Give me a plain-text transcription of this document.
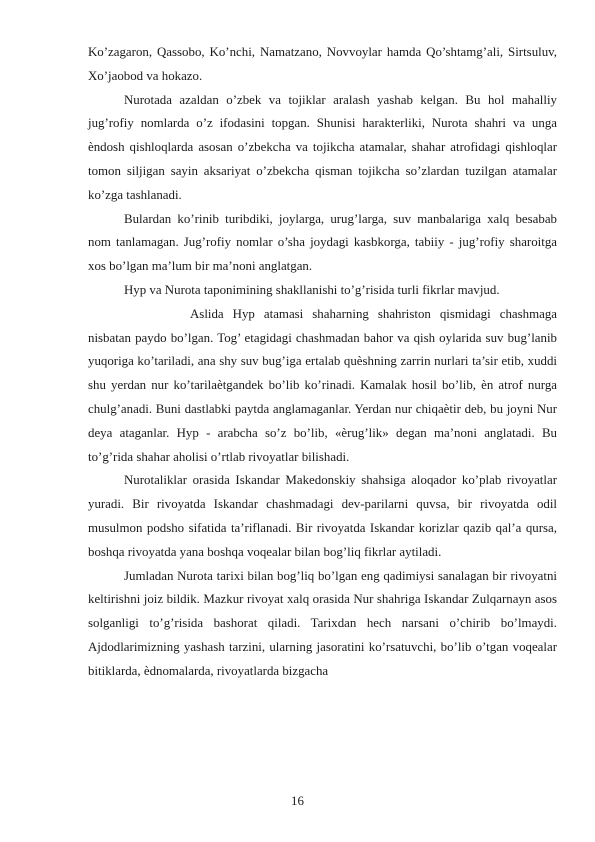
Ko’zagaron, Qassobo, Ko’nchi, Namatzano, Novvoylar hamda Qo’shtamg’ali, Sirtsuluv, Xo’jaobod va hokazo.

Nurotada azaldan o’zbek va tojiklar aralash yashab kelgan. Bu hol mahalliy jug’rofiy nomlarda o’z ifodasini topgan. Shunisi harakterliki, Nurota shahri va unga ѐndosh qishloqlarda asosan o’zbekcha va tojikcha atamalar, shahar atrofidagi qishloqlar tomon siljigan sayin aksariyat o’zbekcha qisman tojikcha so’zlardan tuzilgan atamalar ko’zga tashlanadi.

Bulardan ko’rinib turibdiki, joylarga, urug’larga, suv manbalariga xalq besabab nom tanlamagan. Jug’rofiy nomlar o’sha joydagi kasbkorga, tabiiy - jug’rofiy sharoitga xos bo’lgan ma’lum bir ma’noni anglatgan.

Hyp va Nurota taponimining shakllanishi to’g’risida turli fikrlar mavjud.

Aslida Hyp atamasi shaharning shahriston qismidagi chashmaga nisbatan paydo bo’lgan. Tog’ etagidagi chashmadan bahor va qish oylarida suv bug’lanib yuqoriga ko’tariladi, ana shy suv bug’iga ertalab quѐshning zarrin nurlari ta’sir etib, xuddi shu yerdan nur ko’tarilaѐtgandek bo’lib ko’rinadi. Kamalak hosil bo’lib, ѐn atrof nurga chulg’anadi. Buni dastlabki paytda anglamaganlar. Yerdan nur chiqaѐtir deb, bu joyni Nur deya ataganlar. Hyp - arabcha so’z bo’lib, «ѐrug’lik» degan ma’noni anglatadi. Bu to’g’rida shahar aholisi o’rtlab rivoyatlar bilishadi.

Nurotaliklar orasida Iskandar Makedonskiy shahsiga aloqador ko’plab rivoyatlar yuradi. Bir rivoyatda Iskandar chashmadagi dev-parilarni quvsa, bir rivoyatda odil musulmon podsho sifatida ta’riflanadi. Bir rivoyatda Iskandar korizlar qazib qal’a qursa, boshqa rivoyatda yana boshqa voqealar bilan bog’liq fikrlar aytiladi.

Jumladan Nurota tarixi bilan bog’liq bo’lgan eng qadimiysi sanalagan bir rivoyatni keltirishni joiz bildik. Mazkur rivoyat xalq orasida Nur shahriga Iskandar Zulqarnayn asos solganligi to’g’risida bashorat qiladi. Tarixdan hech narsani o’chirib bo’lmaydi. Ajdodlarimizning yashash tarzini, ularning jasoratini ko’rsatuvchi, bo’lib o’tgan voqealar bitiklarda, ѐdnomalarda, rivoyatlarda bizgacha

16
